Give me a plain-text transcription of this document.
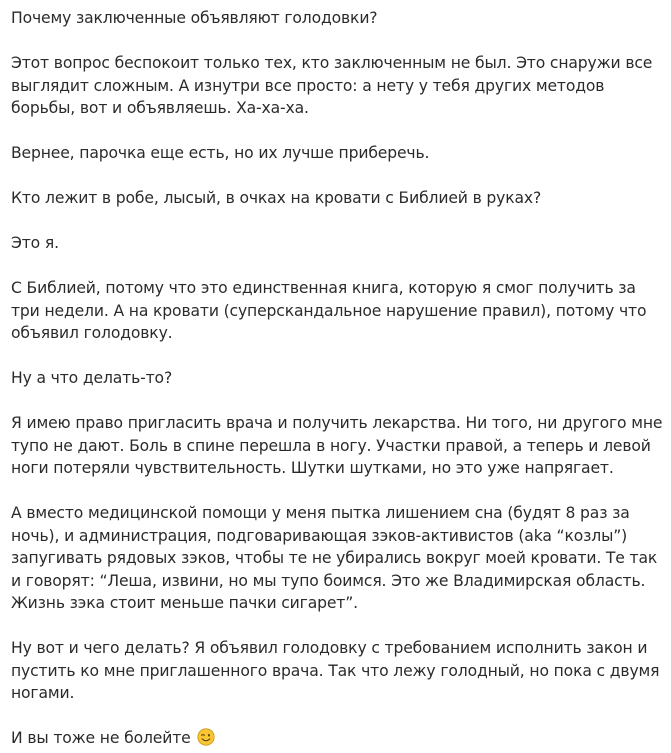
Почему заключенные объявляют голодовки?

Этот вопрос беспокоит только тех, кто заключенным не был. Это снаружи все выглядит сложным. А изнутри все просто: а нету у тебя других методов борьбы, вот и объявляешь. Ха-ха-ха.

Вернее, парочка еще есть, но их лучше приберечь.

Кто лежит в робе, лысый, в очках на кровати с Библией в руках?

Это я.

С Библией, потому что это единственная книга, которую я смог получить за три недели. А на кровати (суперскандальное нарушение правил), потому что объявил голодовку.

Ну а что делать-то?

Я имею право пригласить врача и получить лекарства. Ни того, ни другого мне тупо не дают. Боль в спине перешла в ногу. Участки правой, а теперь и левой ноги потеряли чувствительность. Шутки шутками, но это уже напрягает.

А вместо медицинской помощи у меня пытка лишением сна (будят 8 раз за ночь), и администрация, подговаривающая зэков-активистов (aka “козлы”) запугивать рядовых зэков, чтобы те не убирались вокруг моей кровати. Те так и говорят: “Леша, извини, но мы тупо боимся. Это же Владимирская область. Жизнь зэка стоит меньше пачки сигарет”.

Ну вот и чего делать? Я объявил голодовку с требованием исполнить закон и пустить ко мне приглашенного врача. Так что лежу голодный, но пока с двумя ногами.

И вы тоже не болейте
